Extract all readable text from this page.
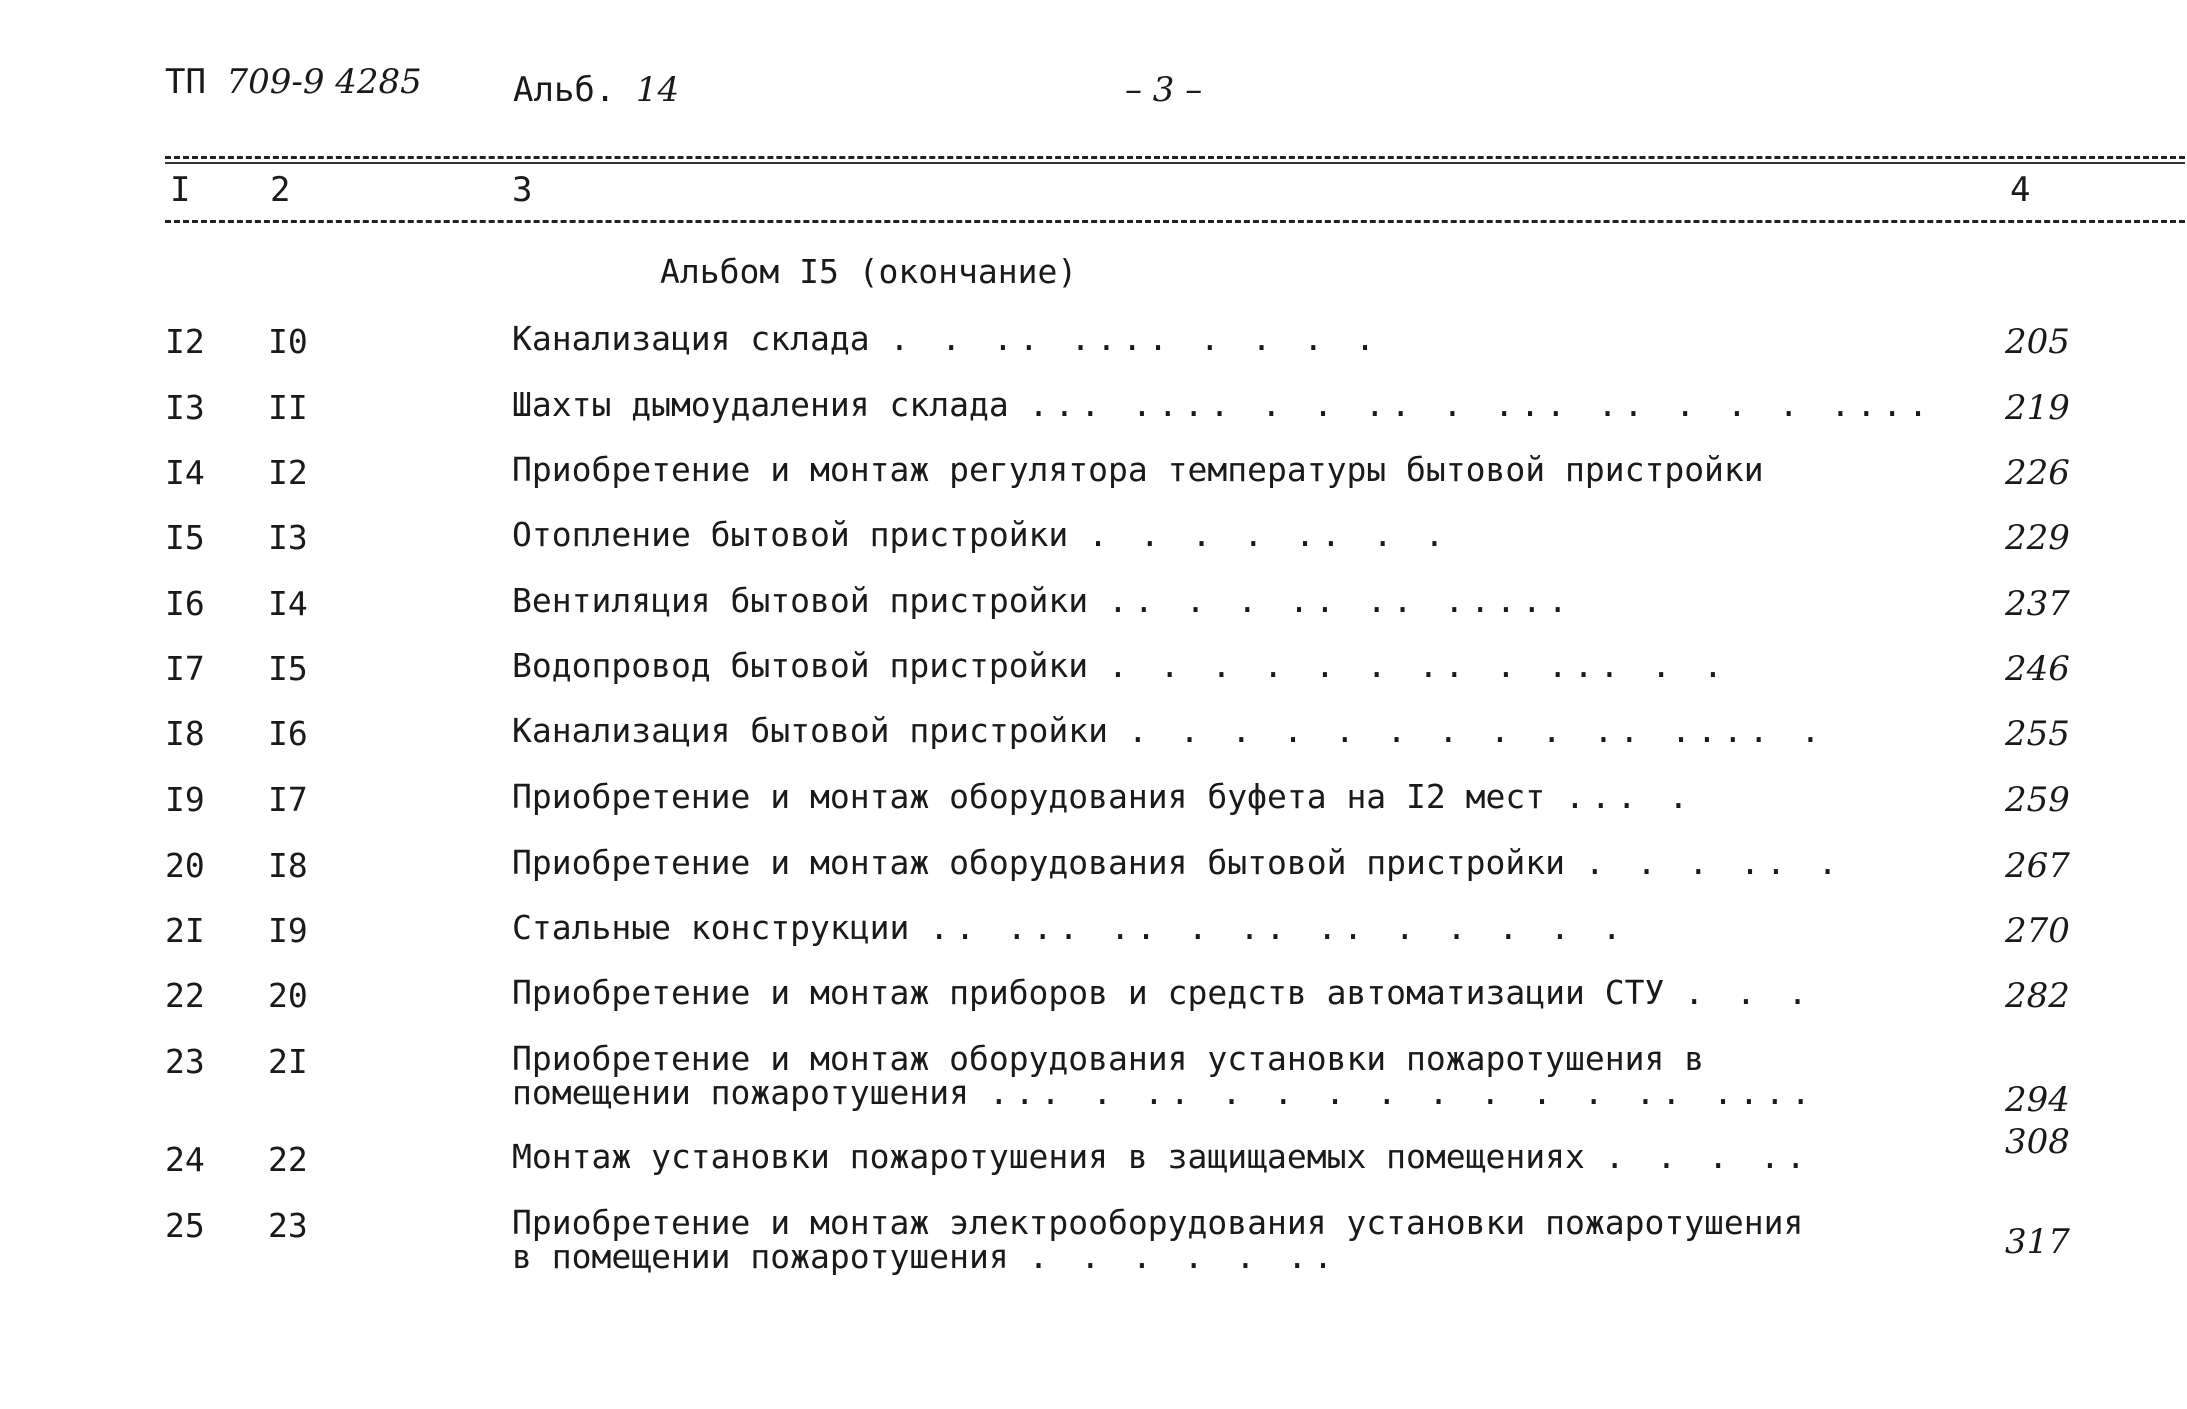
ТП 709-9 4285	Альб. 14	– 3 –
I 2	3	4
Альбом I5 (окончание)
I2 I0	Канализация склада . . .. .... . . . .	205
I3 II	Шахты дымоудаления склада ... .... . . .. . ... .. . . . .... 219
I4 I2	Приобретение и монтаж регулятора температуры бытовой пристройки	226
I5 I3	Отопление бытовой пристройки . . . . .. . .	229
I6 I4	Вентиляция бытовой пристройки .. . . .. .. .....	237
I7 I5	Водопровод бытовой пристройки . . . . . . .. . ... . .	246
I8 I6	Канализация бытовой пристройки . . . . . . . . . .. .... .	255
I9 I7	Приобретение и монтаж оборудования буфета на I2 мест ... .	259
20 I8	Приобретение и монтаж оборудования бытовой пристройки . . . .. .	267
2I I9	Стальные конструкции .. ... .. . .. .. . . . . .	270
22 20	Приобретение и монтаж приборов и средств автоматизации СТУ . . .	282
23 2I	Приобретение и монтаж оборудования установки пожаротушения в
помещении пожаротушения ... . .. . . . . . . . . .. ....	294
24 22	Монтаж установки пожаротушения в защищаемых помещениях . . . ..	308
25 23	Приобретение и монтаж электрооборудования установки пожаротушения
в помещении пожаротушения . . . . . ..	317
